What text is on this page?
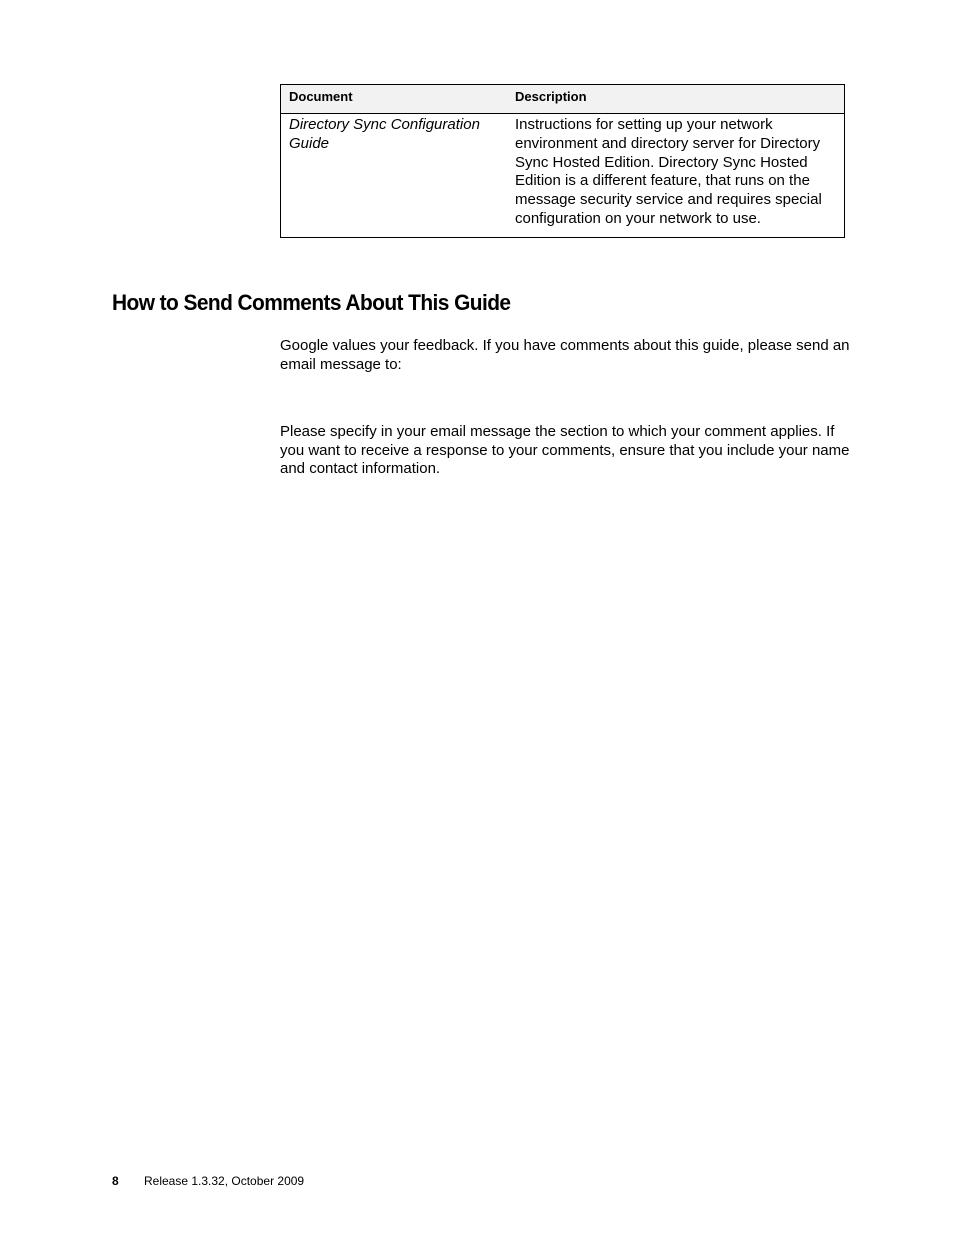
Document	Description
Directory Sync Configuration Guide	Instructions for setting up your network environment and directory server for Directory Sync Hosted Edition. Directory Sync Hosted Edition is a different feature, that runs on the message security service and requires special configuration on your network to use.
How to Send Comments About This Guide

Google values your feedback. If you have comments about this guide, please send an email message to:

Please specify in your email message the section to which your comment applies. If you want to receive a response to your comments, ensure that you include your name and contact information.

8 Release 1.3.32, October 2009
